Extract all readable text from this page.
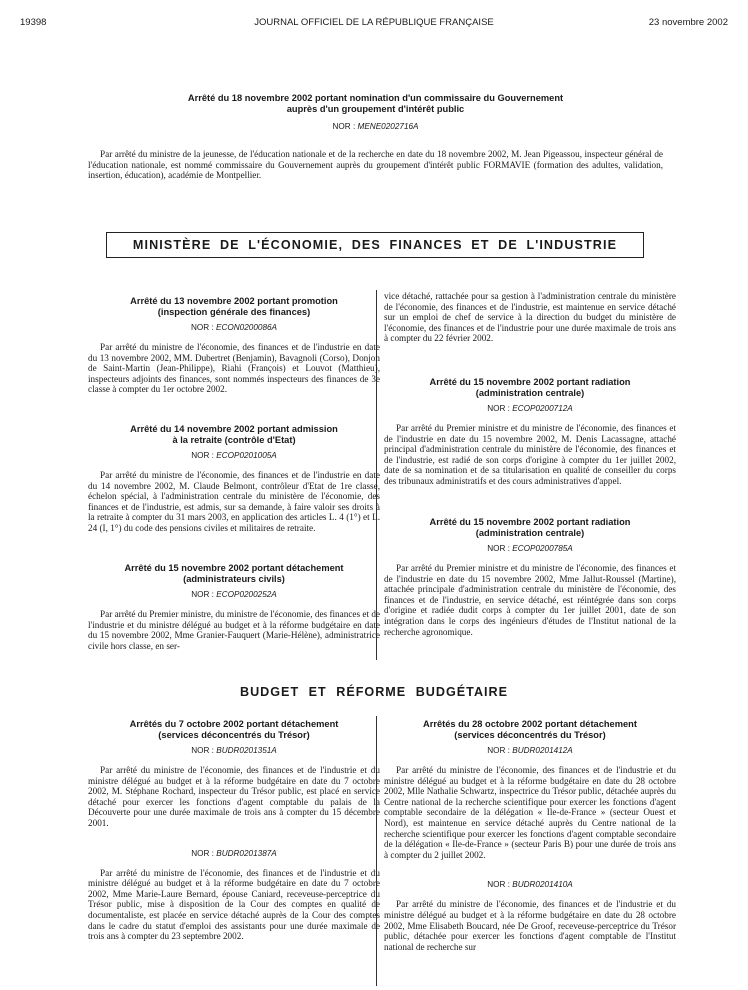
19398	JOURNAL OFFICIEL DE LA RÉPUBLIQUE FRANÇAISE	23 novembre 2002
Arrêté du 18 novembre 2002 portant nomination d'un commissaire du Gouvernement
auprès d'un groupement d'intérêt public
NOR : MENE0202716A

Par arrêté du ministre de la jeunesse, de l'éducation nationale et de la recherche en date du 18 novembre 2002, M. Jean Pigeassou, inspecteur général de l'éducation nationale, est nommé commissaire du Gouvernement auprès du groupement d'intérêt public FORMAVIE (formation des adultes, validation, insertion, éducation), académie de Montpellier.

MINISTÈRE DE L'ÉCONOMIE, DES FINANCES ET DE L'INDUSTRIE
Arrêté du 13 novembre 2002 portant promotion
(inspection générale des finances)
NOR : ECON0200086A

Par arrêté du ministre de l'économie, des finances et de l'industrie en date du 13 novembre 2002, MM. Dubertret (Benjamin), Bavagnoli (Corso), Donjon de Saint-Martin (Jean-Philippe), Riahi (François) et Louvot (Matthieu), inspecteurs adjoints des finances, sont nommés inspecteurs des finances de 3e classe à compter du 1er octobre 2002.

Arrêté du 14 novembre 2002 portant admission
à la retraite (contrôle d'Etat)
NOR : ECOP0201005A

Par arrêté du ministre de l'économie, des finances et de l'industrie en date du 14 novembre 2002, M. Claude Belmont, contrôleur d'Etat de 1re classe, échelon spécial, à l'administration centrale du ministère de l'économie, des finances et de l'industrie, est admis, sur sa demande, à faire valoir ses droits à la retraite à compter du 31 mars 2003, en application des articles L. 4 (1°) et L. 24 (I, 1°) du code des pensions civiles et militaires de retraite.

Arrêté du 15 novembre 2002 portant détachement
(administrateurs civils)
NOR : ECOP0200252A

Par arrêté du Premier ministre, du ministre de l'économie, des finances et de l'industrie et du ministre délégué au budget et à la réforme budgétaire en date du 15 novembre 2002, Mme Granier-Fauquert (Marie-Hélène), administratrice civile hors classe, en ser-

vice détaché, rattachée pour sa gestion à l'administration centrale du ministère de l'économie, des finances et de l'industrie, est maintenue en service détaché sur un emploi de chef de service à la direction du budget du ministère de l'économie, des finances et de l'industrie pour une durée maximale de trois ans à compter du 22 février 2002.

Arrêté du 15 novembre 2002 portant radiation
(administration centrale)
NOR : ECOP0200712A

Par arrêté du Premier ministre et du ministre de l'économie, des finances et de l'industrie en date du 15 novembre 2002, M. Denis Lacassagne, attaché principal d'administration centrale du ministère de l'économie, des finances et de l'industrie, est radié de son corps d'origine à compter du 1er juillet 2002, date de sa nomination et de sa titularisation en qualité de conseiller du corps des tribunaux administratifs et des cours administratives d'appel.

Arrêté du 15 novembre 2002 portant radiation
(administration centrale)
NOR : ECOP0200785A

Par arrêté du Premier ministre et du ministre de l'économie, des finances et de l'industrie en date du 15 novembre 2002, Mme Jallut-Roussel (Martine), attachée principale d'administration centrale du ministère de l'économie, des finances et de l'industrie, en service détaché, est réintégrée dans son corps d'origine et radiée dudit corps à compter du 1er juillet 2001, date de son intégration dans le corps des ingénieurs d'études de l'Institut national de la recherche agronomique.

BUDGET ET RÉFORME BUDGÉTAIRE
Arrêtés du 7 octobre 2002 portant détachement
(services déconcentrés du Trésor)
NOR : BUDR0201351A

Par arrêté du ministre de l'économie, des finances et de l'industrie et du ministre délégué au budget et à la réforme budgétaire en date du 7 octobre 2002, M. Stéphane Rochard, inspecteur du Trésor public, est placé en service détaché pour exercer les fonctions d'agent comptable du palais de la Découverte pour une durée maximale de trois ans à compter du 15 décembre 2001.

NOR : BUDR0201387A

Par arrêté du ministre de l'économie, des finances et de l'industrie et du ministre délégué au budget et à la réforme budgétaire en date du 7 octobre 2002, Mme Marie-Laure Bernard, épouse Caniard, receveuse-perceptrice du Trésor public, mise à disposition de la Cour des comptes en qualité de documentaliste, est placée en service détaché auprès de la Cour des comptes dans le cadre du statut d'emploi des assistants pour une durée maximale de trois ans à compter du 23 septembre 2002.

Arrêtés du 28 octobre 2002 portant détachement
(services déconcentrés du Trésor)
NOR : BUDR0201412A

Par arrêté du ministre de l'économie, des finances et de l'industrie et du ministre délégué au budget et à la réforme budgétaire en date du 28 octobre 2002, Mlle Nathalie Schwartz, inspectrice du Trésor public, détachée auprès du Centre national de la recherche scientifique pour exercer les fonctions d'agent comptable secondaire de la délégation « Ile-de-France » (secteur Ouest et Nord), est maintenue en service détaché auprès du Centre national de la recherche scientifique pour exercer les fonctions d'agent comptable secondaire de la délégation « Ile-de-France » (secteur Paris B) pour une durée de trois ans à compter du 2 juillet 2002.

NOR : BUDR0201410A

Par arrêté du ministre de l'économie, des finances et de l'industrie et du ministre délégué au budget et à la réforme budgétaire en date du 28 octobre 2002, Mme Elisabeth Boucard, née De Groof, receveuse-perceptrice du Trésor public, détachée pour exercer les fonctions d'agent comptable de l'Institut national de recherche sur
